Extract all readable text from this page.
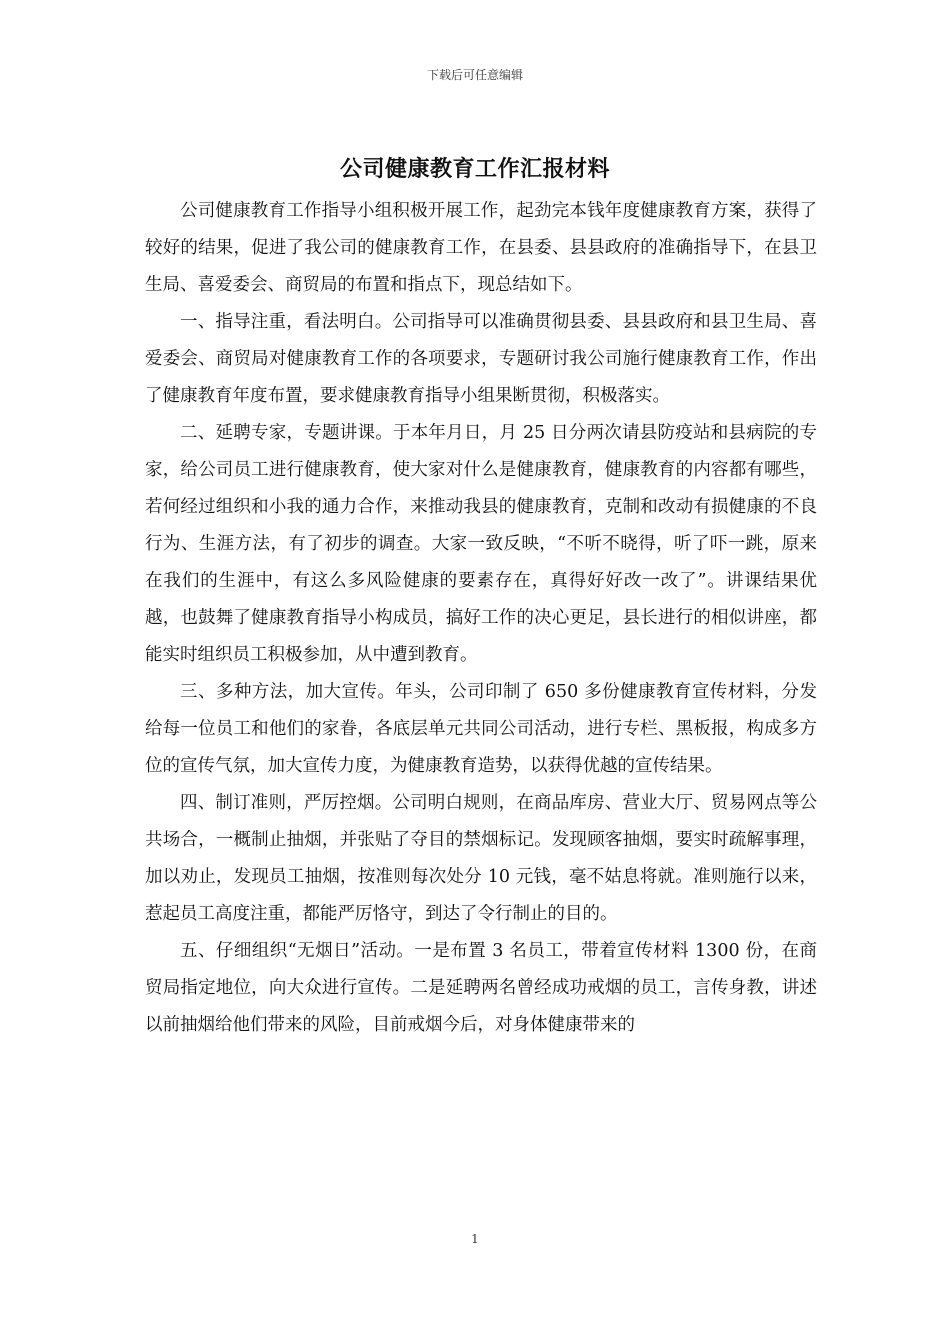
下载后可任意编辑
公司健康教育工作汇报材料

公司健康教育工作指导小组积极开展工作，起劲完本钱年度健康教育方案，获得了较好的结果，促进了我公司的健康教育工作，在县委、县县政府的准确指导下，在县卫生局、喜爱委会、商贸局的布置和指点下，现总结如下。

一、指导注重，看法明白。公司指导可以准确贯彻县委、县县政府和县卫生局、喜爱委会、商贸局对健康教育工作的各项要求，专题研讨我公司施行健康教育工作，作出了健康教育年度布置，要求健康教育指导小组果断贯彻，积极落实。

二、延聘专家，专题讲课。于本年月日，月 25 日分两次请县防疫站和县病院的专家，给公司员工进行健康教育，使大家对什么是健康教育，健康教育的内容都有哪些，若何经过组织和小我的通力合作，来推动我县的健康教育，克制和改动有损健康的不良行为、生涯方法，有了初步的调查。大家一致反映，“不听不晓得，听了吓一跳，原来在我们的生涯中，有这么多风险健康的要素存在，真得好好改一改了”。讲课结果优越，也鼓舞了健康教育指导小构成员，搞好工作的决心更足，县长进行的相似讲座，都能实时组织员工积极参加，从中遭到教育。

三、多种方法，加大宣传。年头，公司印制了 650 多份健康教育宣传材料，分发给每一位员工和他们的家眷，各底层单元共同公司活动，进行专栏、黑板报，构成多方位的宣传气氛，加大宣传力度，为健康教育造势，以获得优越的宣传结果。

四、制订准则，严厉控烟。公司明白规则，在商品库房、营业大厅、贸易网点等公共场合，一概制止抽烟，并张贴了夺目的禁烟标记。发现顾客抽烟，要实时疏解事理，加以劝止，发现员工抽烟，按准则每次处分 10 元钱，毫不姑息将就。准则施行以来，惹起员工高度注重，都能严厉恪守，到达了令行制止的目的。

五、仔细组织“无烟日”活动。一是布置 3 名员工，带着宣传材料 1300 份，在商贸局指定地位，向大众进行宣传。二是延聘两名曾经成功戒烟的员工，言传身教，讲述以前抽烟给他们带来的风险，目前戒烟今后，对身体健康带来的

1
